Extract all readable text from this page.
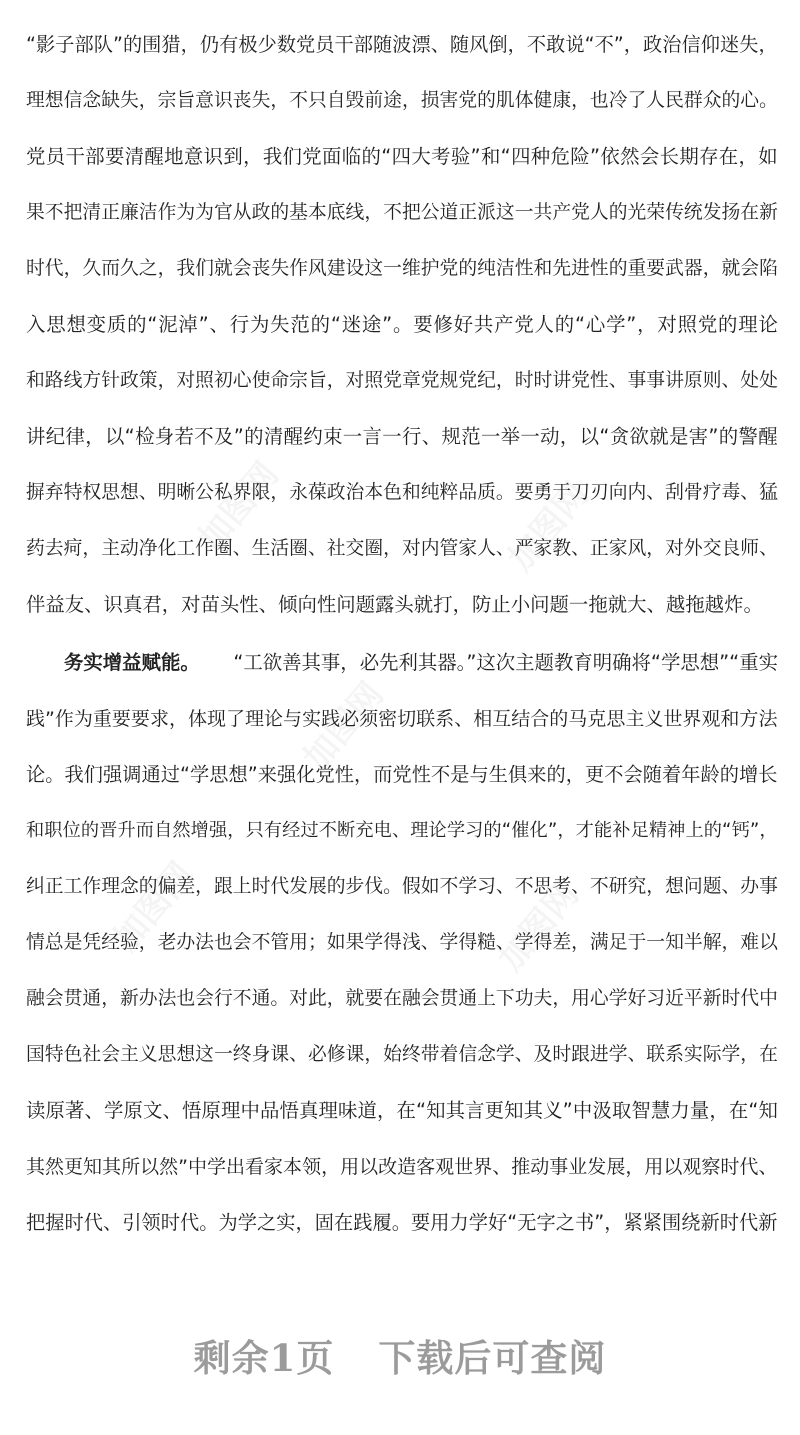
“ 影 子 部 队 ” 的 围 猎 ， 仍 有 极 少 数 党 员 干 部 随 波 漂 、 随 风 倒 ， 不 敢 说 “ 不 ” ， 政 治 信 仰 迷 失 ，
理 想 信 念 缺 失 ， 宗 旨 意 识 丧 失 ， 不 只 自 毁 前 途 ， 损 害 党 的 肌 体 健 康 ， 也 冷 了 人 民 群 众 的 心 。
党 员 干 部 要 清 醒 地 意 识 到 ， 我 们 党 面 临 的 “ 四 大 考 验 ” 和 “ 四 种 危 险 ” 依 然 会 长 期 存 在 ， 如
果 不 把 清 正 廉 洁 作 为 为 官 从 政 的 基 本 底 线 ， 不 把 公 道 正 派 这 一 共 产 党 人 的 光 荣 传 统 发 扬 在 新
时 代 ， 久 而 久 之 ， 我 们 就 会 丧 失 作 风 建 设 这 一 维 护 党 的 纯 洁 性 和 先 进 性 的 重 要 武 器 ， 就 会 陷
入 思 想 变 质 的 “ 泥 淖 ” 、 行 为 失 范 的 “ 迷 途 ” 。 要 修 好 共 产 党 人 的 “ 心 学 ” ， 对 照 党 的 理 论
和 路 线 方 针 政 策 ， 对 照 初 心 使 命 宗 旨 ， 对 照 党 章 党 规 党 纪 ， 时 时 讲 党 性 、 事 事 讲 原 则 、 处 处
讲 纪 律 ， 以 “ 检 身 若 不 及 ” 的 清 醒 约 束 一 言 一 行 、 规 范 一 举 一 动 ， 以 “ 贪 欲 就 是 害 ” 的 警 醒
摒 弃 特 权 思 想 、 明 晰 公 私 界 限 ， 永 葆 政 治 本 色 和 纯 粹 品 质 。 要 勇 于 刀 刃 向 内 、 刮 骨 疗 毒 、 猛
药 去 疴 ， 主 动 净 化 工 作 圈 、 生 活 圈 、 社 交 圈 ， 对 内 管 家 人 、 严 家 教 、 正 家 风 ， 对 外 交 良 师 、
伴益友、识真君，对苗头性、倾向性问题露头就打，防止小问题一拖就大、越拖越炸。
务实增益赋能。 “工欲善其事，必先利其器。”这次主题教育明确将“学思想”“重实
践 ” 作 为 重 要 要 求 ， 体 现 了 理 论 与 实 践 必 须 密 切 联 系 、 相 互 结 合 的 马 克 思 主 义 世 界 观 和 方 法
论 。 我 们 强 调 通 过 “ 学 思 想 ” 来 强 化 党 性 ， 而 党 性 不 是 与 生 俱 来 的 ， 更 不 会 随 着 年 龄 的 增 长
和 职 位 的 晋 升 而 自 然 增 强 ， 只 有 经 过 不 断 充 电 、 理 论 学 习 的 “ 催 化 ” ， 才 能 补 足 精 神 上 的 “ 钙 ” ，
纠 正 工 作 理 念 的 偏 差 ， 跟 上 时 代 发 展 的 步 伐 。 假 如 不 学 习 、 不 思 考 、 不 研 究 ， 想 问 题 、 办 事
情 总 是 凭 经 验 ， 老 办 法 也 会 不 管 用 ； 如 果 学 得 浅 、 学 得 糙 、 学 得 差 ， 满 足 于 一 知 半 解 ， 难 以
融 会 贯 通 ， 新 办 法 也 会 行 不 通 。 对 此 ， 就 要 在 融 会 贯 通 上 下 功 夫 ， 用 心 学 好 习 近 平 新 时 代 中
国 特 色 社 会 主 义 思 想 这 一 终 身 课 、 必 修 课 ， 始 终 带 着 信 念 学 、 及 时 跟 进 学 、 联 系 实 际 学 ， 在
读 原 著 、 学 原 文 、 悟 原 理 中 品 悟 真 理 味 道 ， 在 “ 知 其 言 更 知 其 义 ” 中 汲 取 智 慧 力 量 ， 在 “ 知
其 然 更 知 其 所 以 然 ” 中 学 出 看 家 本 领 ， 用 以 改 造 客 观 世 界 、 推 动 事 业 发 展 ， 用 以 观 察 时 代 、
把 握 时 代 、 引 领 时 代 。 为 学 之 实 ， 固 在 践 履 。 要 用 力 学 好 “ 无 字 之 书 ” ， 紧 紧 围 绕 新 时 代 新
剩余1页 下载后可查阅
